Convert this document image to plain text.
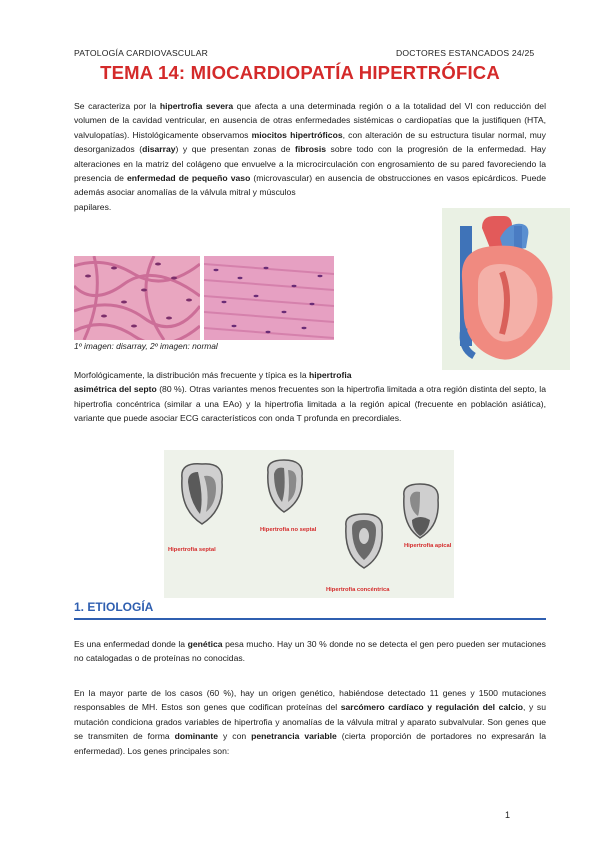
PATOLOGÍA CARDIOVASCULAR	DOCTORES ESTANCADOS 24/25
TEMA 14: MIOCARDIOPATÍA HIPERTRÓFICA
Se caracteriza por la hipertrofia severa que afecta a una determinada región o a la totalidad del VI con reducción del volumen de la cavidad ventricular, en ausencia de otras enfermedades sistémicas o cardiopatías que la justifiquen (HTA, valvulopatías). Histológicamente observamos miocitos hipertróficos, con alteración de su estructura tisular normal, muy desorganizados (disarray) y que presentan zonas de fibrosis sobre todo con la progresión de la enfermedad. Hay alteraciones en la matriz del colágeno que envuelve a la microcirculación con engrosamiento de su pared favoreciendo la presencia de enfermedad de pequeño vaso (microvascular) en ausencia de obstrucciones en vasos epicárdicos. Puede además asociar anomalías de la válvula mitral y músculos
papilares.
1º imagen: disarray, 2º imagen: normal
Morfológicamente, la distribución más frecuente y típica es la hipertrofia
asimétrica del septo (80 %). Otras variantes menos frecuentes son la hipertrofia limitada a otra región distinta del septo, la hipertrofia concéntrica (similar a una EAo) y la hipertrofia limitada a la región apical (frecuente en población asiática), variante que puede asociar ECG característicos con onda T profunda en precordiales.
Hipertrofia septal
Hipertrofia no septal
Hipertrofia concéntrica
Hipertrofia apical
1. ETIOLOGÍA
Es una enfermedad donde la genética pesa mucho. Hay un 30 % donde no se detecta el gen pero pueden ser mutaciones no catalogadas o de proteínas no conocidas.
En la mayor parte de los casos (60 %), hay un origen genético, habiéndose detectado 11 genes y 1500 mutaciones responsables de MH. Estos son genes que codifican proteínas del sarcómero cardíaco y regulación del calcio, y su mutación condiciona grados variables de hipertrofia y anomalías de la válvula mitral y aparato subvalvular. Son genes que se transmiten de forma dominante y con penetrancia variable (cierta proporción de portadores no expresarán la enfermedad). Los genes principales son:
1
